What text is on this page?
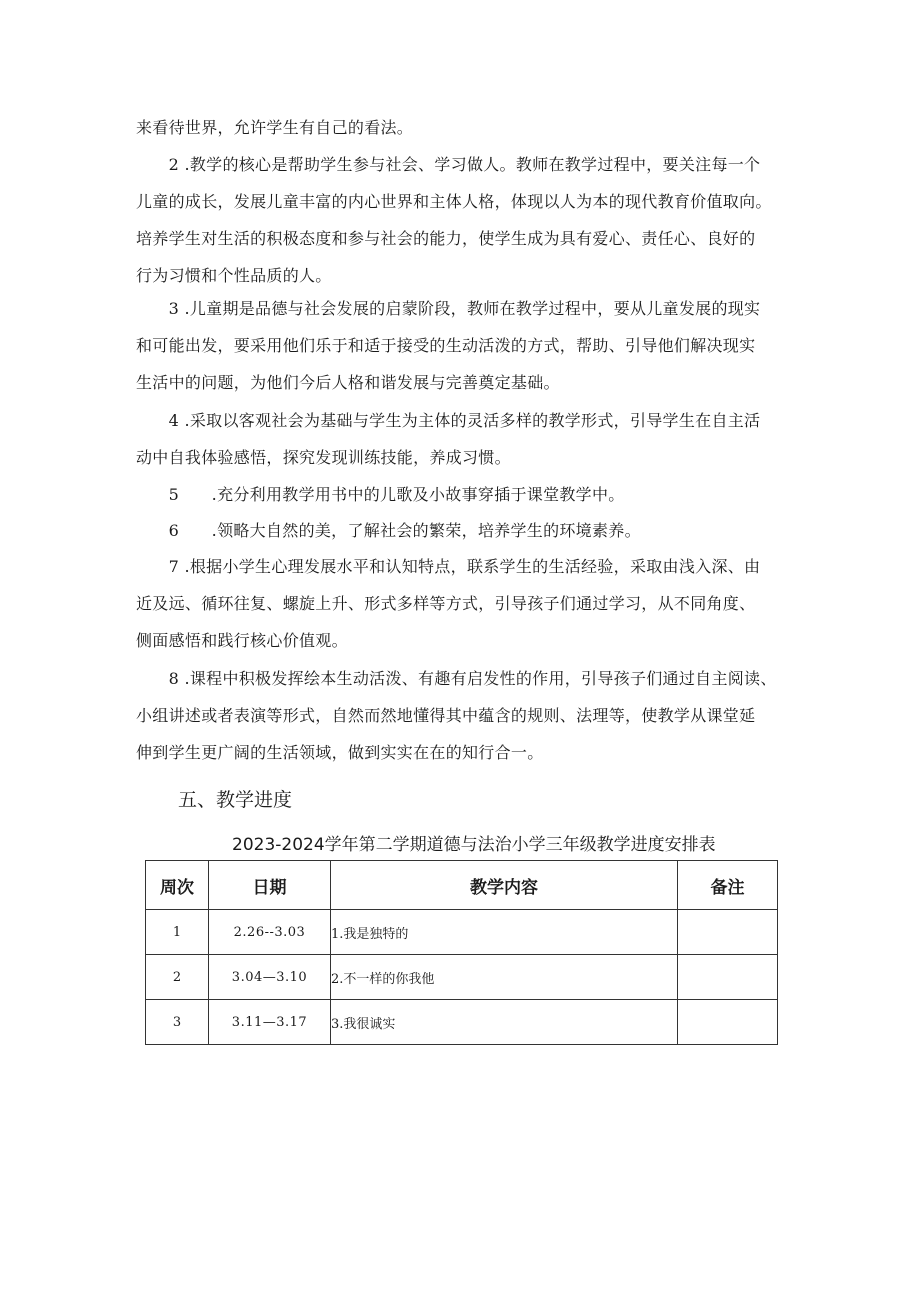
来看待世界，允许学生有自己的看法。

　　2 .教学的核心是帮助学生参与社会、学习做人。教师在教学过程中，要关注每一个
儿童的成长，发展儿童丰富的内心世界和主体人格，体现以人为本的现代教育价值取向。
培养学生对生活的积极态度和参与社会的能力，使学生成为具有爱心、责任心、良好的
行为习惯和个性品质的人。

　　3 .儿童期是品德与社会发展的启蒙阶段，教师在教学过程中，要从儿童发展的现实
和可能出发，要采用他们乐于和适于接受的生动活泼的方式，帮助、引导他们解决现实
生活中的问题，为他们今后人格和谐发展与完善奠定基础。

　　4 .采取以客观社会为基础与学生为主体的灵活多样的教学形式，引导学生在自主活
动中自我体验感悟，探究发现训练技能，养成习惯。

　　5　　.充分利用教学用书中的儿歌及小故事穿插于课堂教学中。

　　6　　.领略大自然的美，了解社会的繁荣，培养学生的环境素养。

　　7 .根据小学生心理发展水平和认知特点，联系学生的生活经验，采取由浅入深、由
近及远、循环往复、螺旋上升、形式多样等方式，引导孩子们通过学习，从不同角度、
侧面感悟和践行核心价值观。

　　8 .课程中积极发挥绘本生动活泼、有趣有启发性的作用，引导孩子们通过自主阅读、
小组讲述或者表演等形式，自然而然地懂得其中蕴含的规则、法理等，使教学从课堂延
伸到学生更广阔的生活领域，做到实实在在的知行合一。

五、教学进度
2023-2024学年第二学期道德与法治小学三年级教学进度安排表
周次	日期	教学内容	备注
1	2.26--3.03	1.我是独特的	
2	3.04—3.10	2.不一样的你我他	
3	3.11—3.17	3.我很诚实	
